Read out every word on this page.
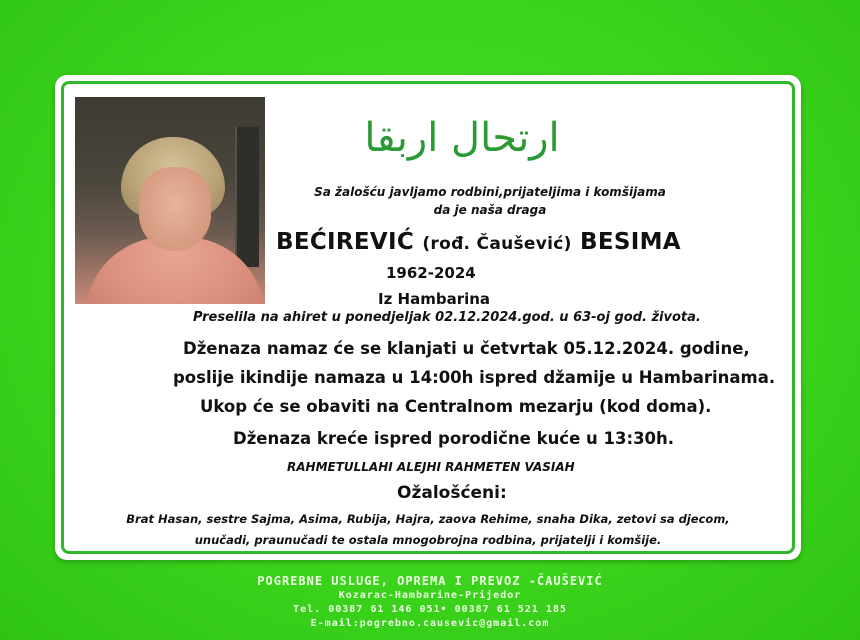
ارتحال اربقا
Sa žalošću javljamo rodbini,prijateljima i komšijama
da je naša draga
BEĆIREVIĆ (rođ. Čaušević) BESIMA
1962-2024
Iz Hambarina
Preselila na ahiret u ponedjeljak 02.12.2024.god. u 63-oj god. života.
Dženaza namaz će se klanjati u četvrtak 05.12.2024. godine,
poslije ikindije namaza u 14:00h ispred džamije u Hambarinama.
Ukop će se obaviti na Centralnom mezarju (kod doma).
Dženaza kreće ispred porodične kuće u 13:30h.
RAHMETULLAHI ALEJHI RAHMETEN VASIAH
Ožalošćeni:
Brat Hasan, sestre Sajma, Asima, Rubija, Hajra, zaova Rehime, snaha Dika, zetovi sa djecom,
unučadi, praunučadi te ostala mnogobrojna rodbina, prijatelji i komšije.
POGREBNE USLUGE, OPREMA I PREVOZ -ČAUŠEVIĆ
Kozarac-Hambarine-Prijedor
Tel. 00387 61 146 051• 00387 61 521 185
E-mail:pogrebno.causevic@gmail.com
